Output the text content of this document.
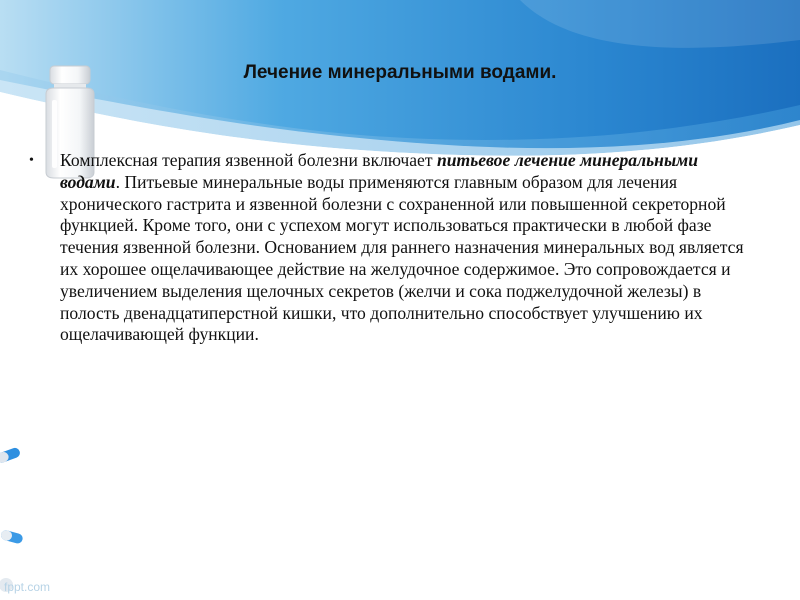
Лечение минеральными водами.
• Комплексная терапия язвенной болезни включает питьевое лечение минеральными водами. Питьевые минеральные воды применяются главным образом для лечения хронического гастрита и язвенной болезни с сохраненной или повышенной секреторной функцией. Кроме того, они с успехом могут использоваться практически в любой фазе течения язвенной болезни. Основанием для раннего назначения минеральных вод является их хорошее ощелачивающее действие на желудочное содержимое. Это сопровождается и увеличением выделения щелочных секретов (желчи и сока поджелудочной железы) в полость двенадцатиперстной кишки, что дополнительно способствует улучшению их ощелачивающей функции.
fppt.com
